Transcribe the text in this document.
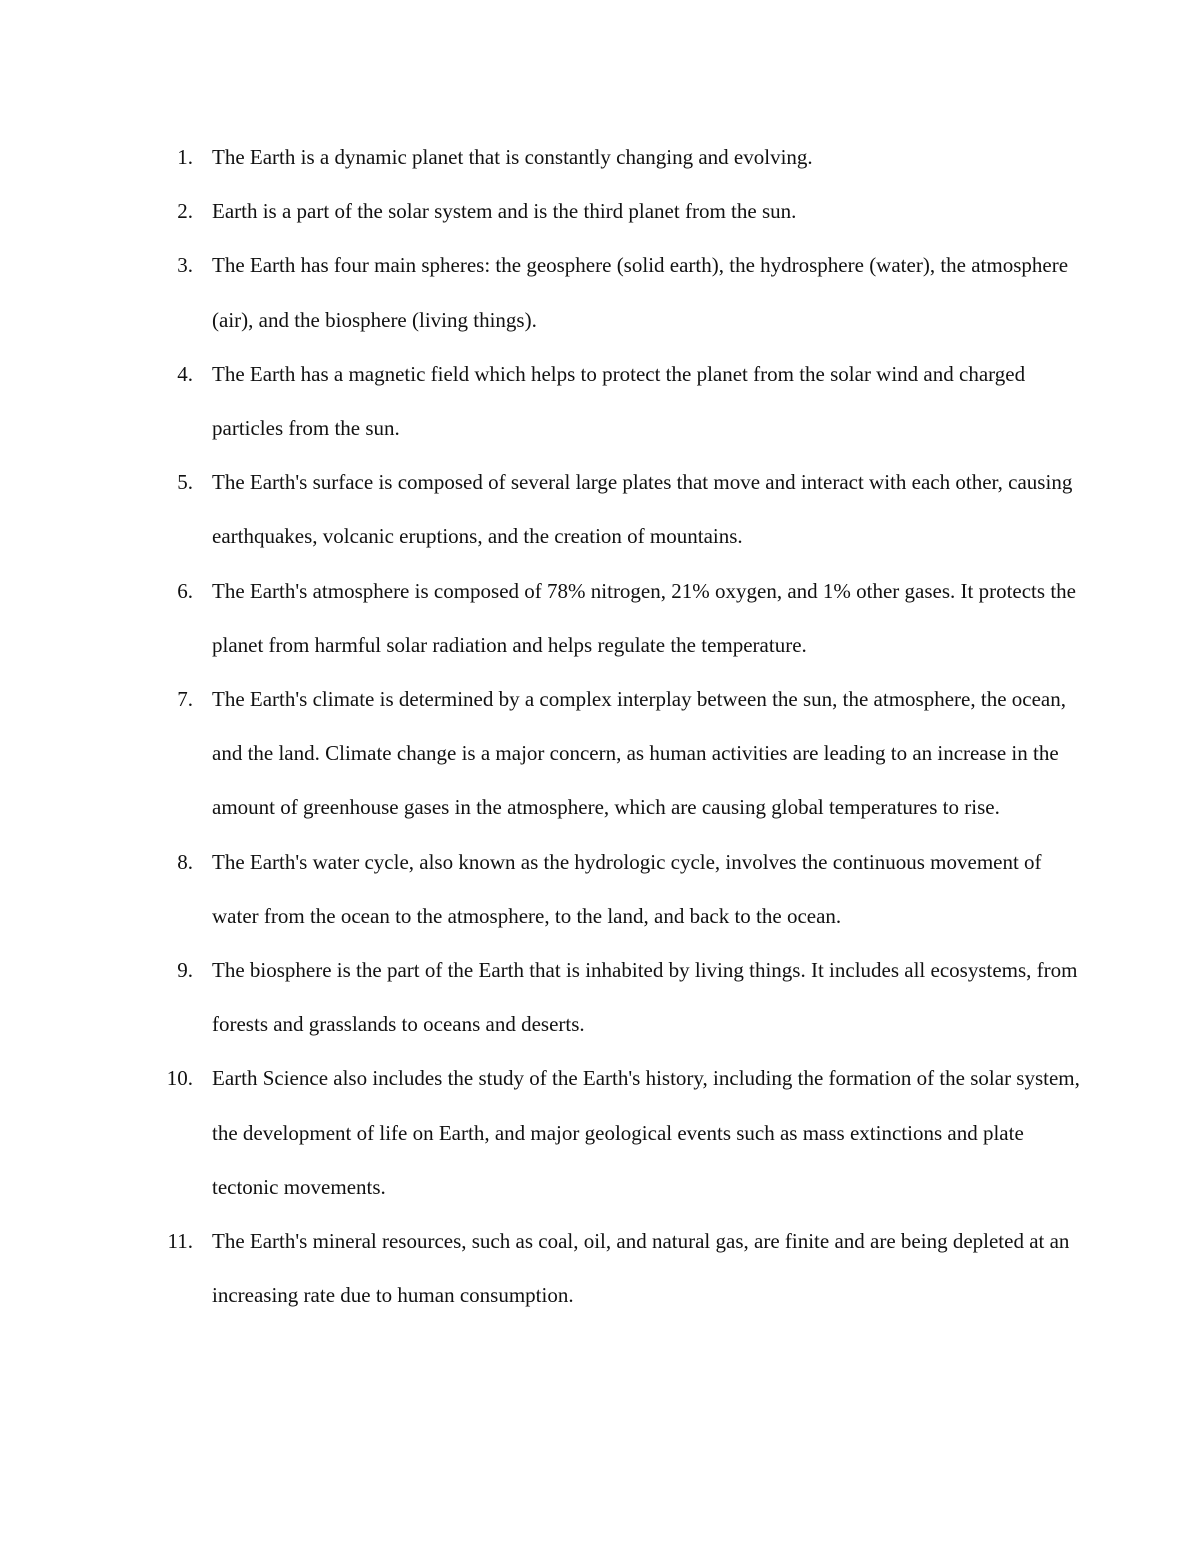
1. The Earth is a dynamic planet that is constantly changing and evolving.
2. Earth is a part of the solar system and is the third planet from the sun.
3. The Earth has four main spheres: the geosphere (solid earth), the hydrosphere (water), the atmosphere (air), and the biosphere (living things).
4. The Earth has a magnetic field which helps to protect the planet from the solar wind and charged particles from the sun.
5. The Earth's surface is composed of several large plates that move and interact with each other, causing earthquakes, volcanic eruptions, and the creation of mountains.
6. The Earth's atmosphere is composed of 78% nitrogen, 21% oxygen, and 1% other gases. It protects the planet from harmful solar radiation and helps regulate the temperature.
7. The Earth's climate is determined by a complex interplay between the sun, the atmosphere, the ocean, and the land. Climate change is a major concern, as human activities are leading to an increase in the amount of greenhouse gases in the atmosphere, which are causing global temperatures to rise.
8. The Earth's water cycle, also known as the hydrologic cycle, involves the continuous movement of water from the ocean to the atmosphere, to the land, and back to the ocean.
9. The biosphere is the part of the Earth that is inhabited by living things. It includes all ecosystems, from forests and grasslands to oceans and deserts.
10. Earth Science also includes the study of the Earth's history, including the formation of the solar system, the development of life on Earth, and major geological events such as mass extinctions and plate tectonic movements.
11. The Earth's mineral resources, such as coal, oil, and natural gas, are finite and are being depleted at an increasing rate due to human consumption.
